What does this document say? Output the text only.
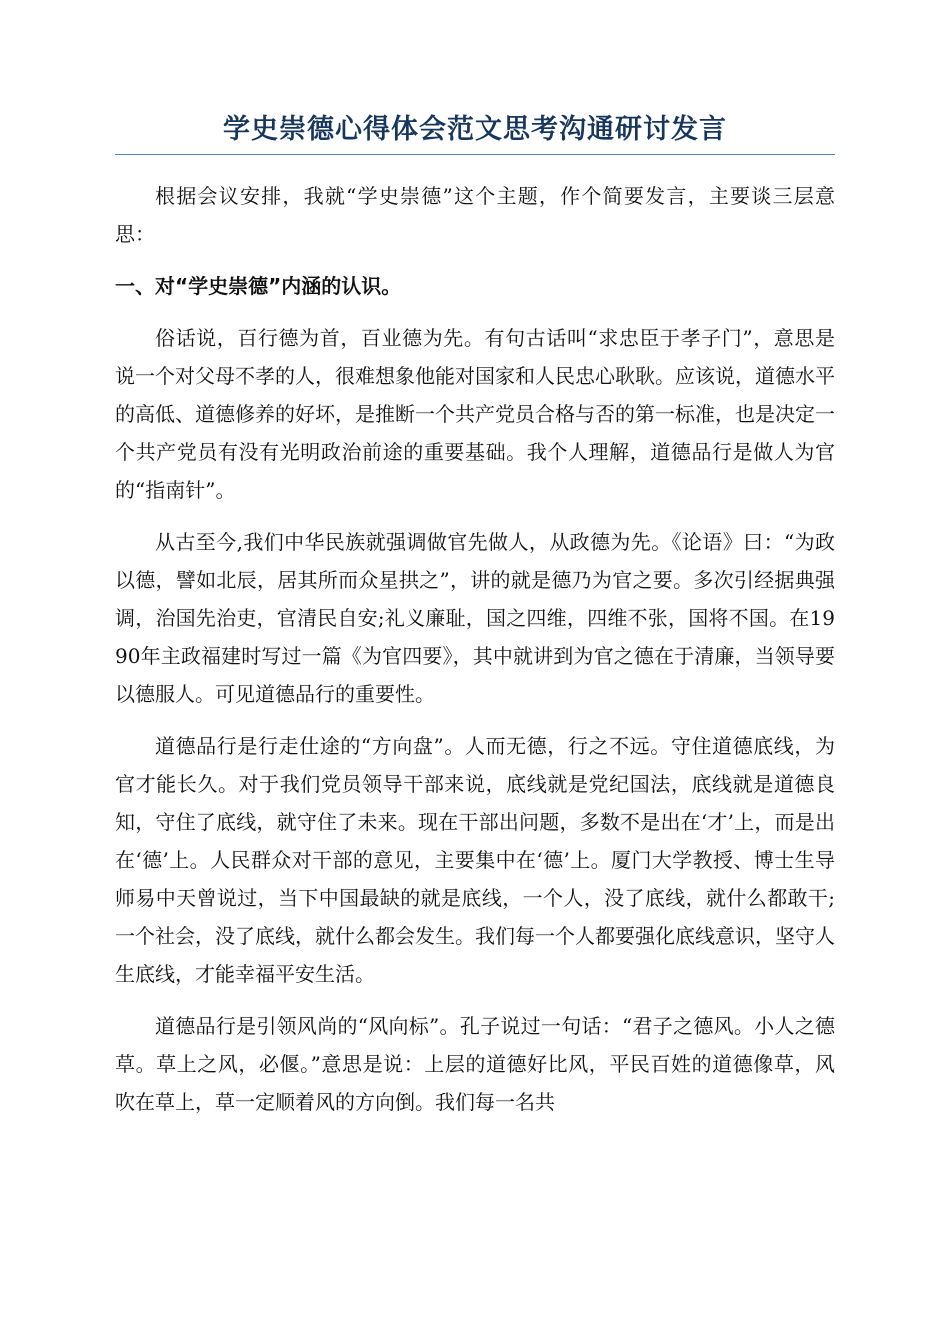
学史崇德心得体会范文思考沟通研讨发言

根据会议安排，我就“学史崇德”这个主题，作个简要发言，主要谈三层意思：

一、对“学史崇德”内涵的认识。

俗话说，百行德为首，百业德为先。有句古话叫“求忠臣于孝子门”，意思是说一个对父母不孝的人，很难想象他能对国家和人民忠心耿耿。应该说，道德水平的高低、道德修养的好坏，是推断一个共产党员合格与否的第一标准，也是决定一个共产党员有没有光明政治前途的重要基础。我个人理解，道德品行是做人为官的“指南针”。

从古至今,我们中华民族就强调做官先做人，从政德为先。《论语》曰：“为政以德，譬如北辰，居其所而众星拱之”，讲的就是德乃为官之要。多次引经据典强调，治国先治吏，官清民自安;礼义廉耻，国之四维，四维不张，国将不国。在1990年主政福建时写过一篇《为官四要》，其中就讲到为官之德在于清廉，当领导要以德服人。可见道德品行的重要性。

道德品行是行走仕途的“方向盘”。人而无德，行之不远。守住道德底线，为官才能长久。对于我们党员领导干部来说，底线就是党纪国法，底线就是道德良知，守住了底线，就守住了未来。现在干部出问题，多数不是出在‘才’上，而是出在‘德’上。人民群众对干部的意见，主要集中在‘德’上。厦门大学教授、博士生导师易中天曾说过，当下中国最缺的就是底线，一个人，没了底线，就什么都敢干;一个社会，没了底线，就什么都会发生。我们每一个人都要强化底线意识，坚守人生底线，才能幸福平安生活。

道德品行是引领风尚的“风向标”。孔子说过一句话：“君子之德风。小人之德草。草上之风，必偃。”意思是说：上层的道德好比风，平民百姓的道德像草，风吹在草上，草一定顺着风的方向倒。我们每一名共
